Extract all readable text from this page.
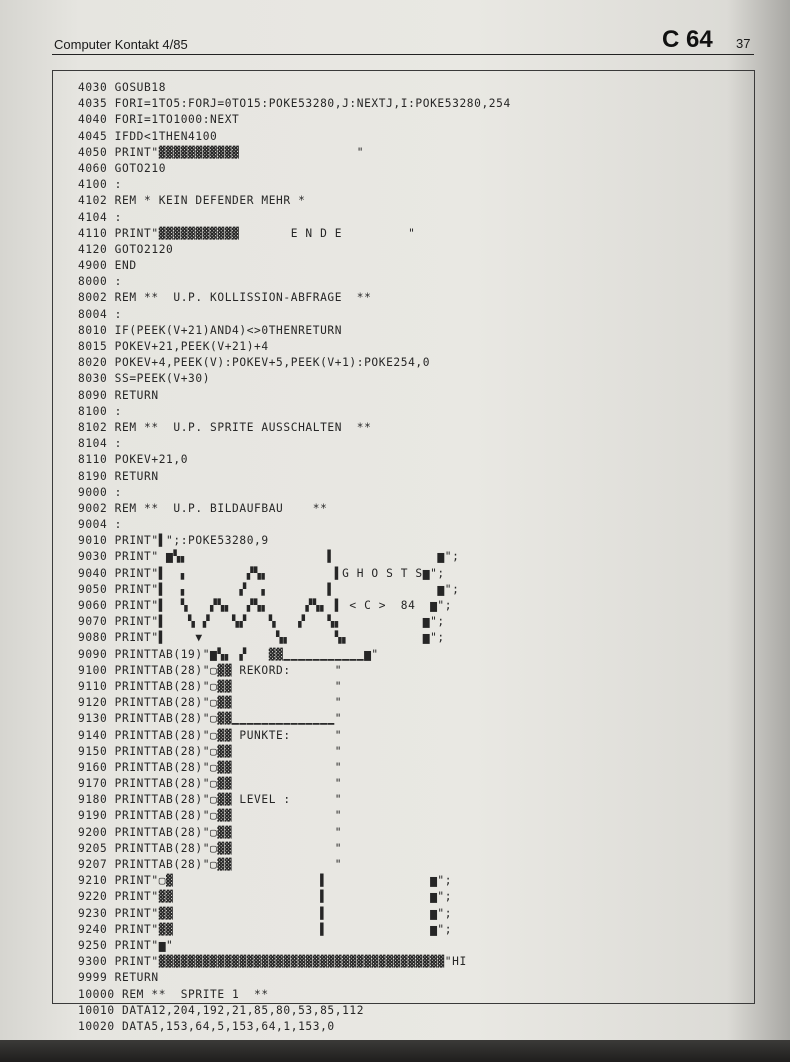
Computer Kontakt 4/85	C 64 37
4030 GOSUB18
4035 FORI=1TO5:FORJ=0TO15:POKE53280,J:NEXTJ,I:POKE53280,254
4040 FORI=1TO1000:NEXT
4045 IFDD<1THEN4100
4050 PRINT"▓▓▓▓▓▓▓▓▓▓▓                "
4060 GOTO210
4100 :
4102 REM * KEIN DEFENDER MEHR *
4104 :
4110 PRINT"▓▓▓▓▓▓▓▓▓▓▓       E N D E         "
4120 GOTO2120
4900 END
8000 :
8002 REM **  U.P. KOLLISSION-ABFRAGE  **
8004 :
8010 IF(PEEK(V+21)AND4)<>0THENRETURN
8015 POKEV+21,PEEK(V+21)+4
8020 POKEV+4,PEEK(V):POKEV+5,PEEK(V+1):POKE254,0
8030 SS=PEEK(V+30)
8090 RETURN
8100 :
8102 REM **  U.P. SPRITE AUSSCHALTEN  **
8104 :
8110 POKEV+21,0
8190 RETURN
9000 :
9002 REM **  U.P. BILDAUFBAU    **
9004 :
9010 PRINT"▌";:POKE53280,9
9030 PRINT" ▆▚▖                   ▌              ▆";
9040 PRINT"▌  ▖        ▞▚▖         ▌G H O S T S▆";
9050 PRINT"▌  ▖       ▞  ▖        ▌              ▆";
9060 PRINT"▌  ▚   ▞▚▖  ▞▚▖     ▞▚▖ ▌ < C >  84  ▆";
9070 PRINT"▌   ▚ ▞   ▚▞   ▚   ▞   ▚▖           ▆";
9080 PRINT"▌    ▼          ▚▖      ▚▖          ▆";
9090 PRINTTAB(19)"▆▚▖ ▞   ▓▓▁▁▁▁▁▁▁▁▁▁▁▆"
9100 PRINTTAB(28)"▢▓▓ REKORD:      "
9110 PRINTTAB(28)"▢▓▓              "
9120 PRINTTAB(28)"▢▓▓              "
9130 PRINTTAB(28)"▢▓▓▁▁▁▁▁▁▁▁▁▁▁▁▁▁"
9140 PRINTTAB(28)"▢▓▓ PUNKTE:      "
9150 PRINTTAB(28)"▢▓▓              "
9160 PRINTTAB(28)"▢▓▓              "
9170 PRINTTAB(28)"▢▓▓              "
9180 PRINTTAB(28)"▢▓▓ LEVEL :      "
9190 PRINTTAB(28)"▢▓▓              "
9200 PRINTTAB(28)"▢▓▓              "
9205 PRINTTAB(28)"▢▓▓              "
9207 PRINTTAB(28)"▢▓▓              "
9210 PRINT"▢▓                    ▌              ▆";
9220 PRINT"▓▓                    ▌              ▆";
9230 PRINT"▓▓                    ▌              ▆";
9240 PRINT"▓▓                    ▌              ▆";
9250 PRINT"▆"
9300 PRINT"▓▓▓▓▓▓▓▓▓▓▓▓▓▓▓▓▓▓▓▓▓▓▓▓▓▓▓▓▓▓▓▓▓▓▓▓▓▓▓"HI
9999 RETURN
10000 REM **  SPRITE 1  **
10010 DATA12,204,192,21,85,80,53,85,112
10020 DATA5,153,64,5,153,64,1,153,0
